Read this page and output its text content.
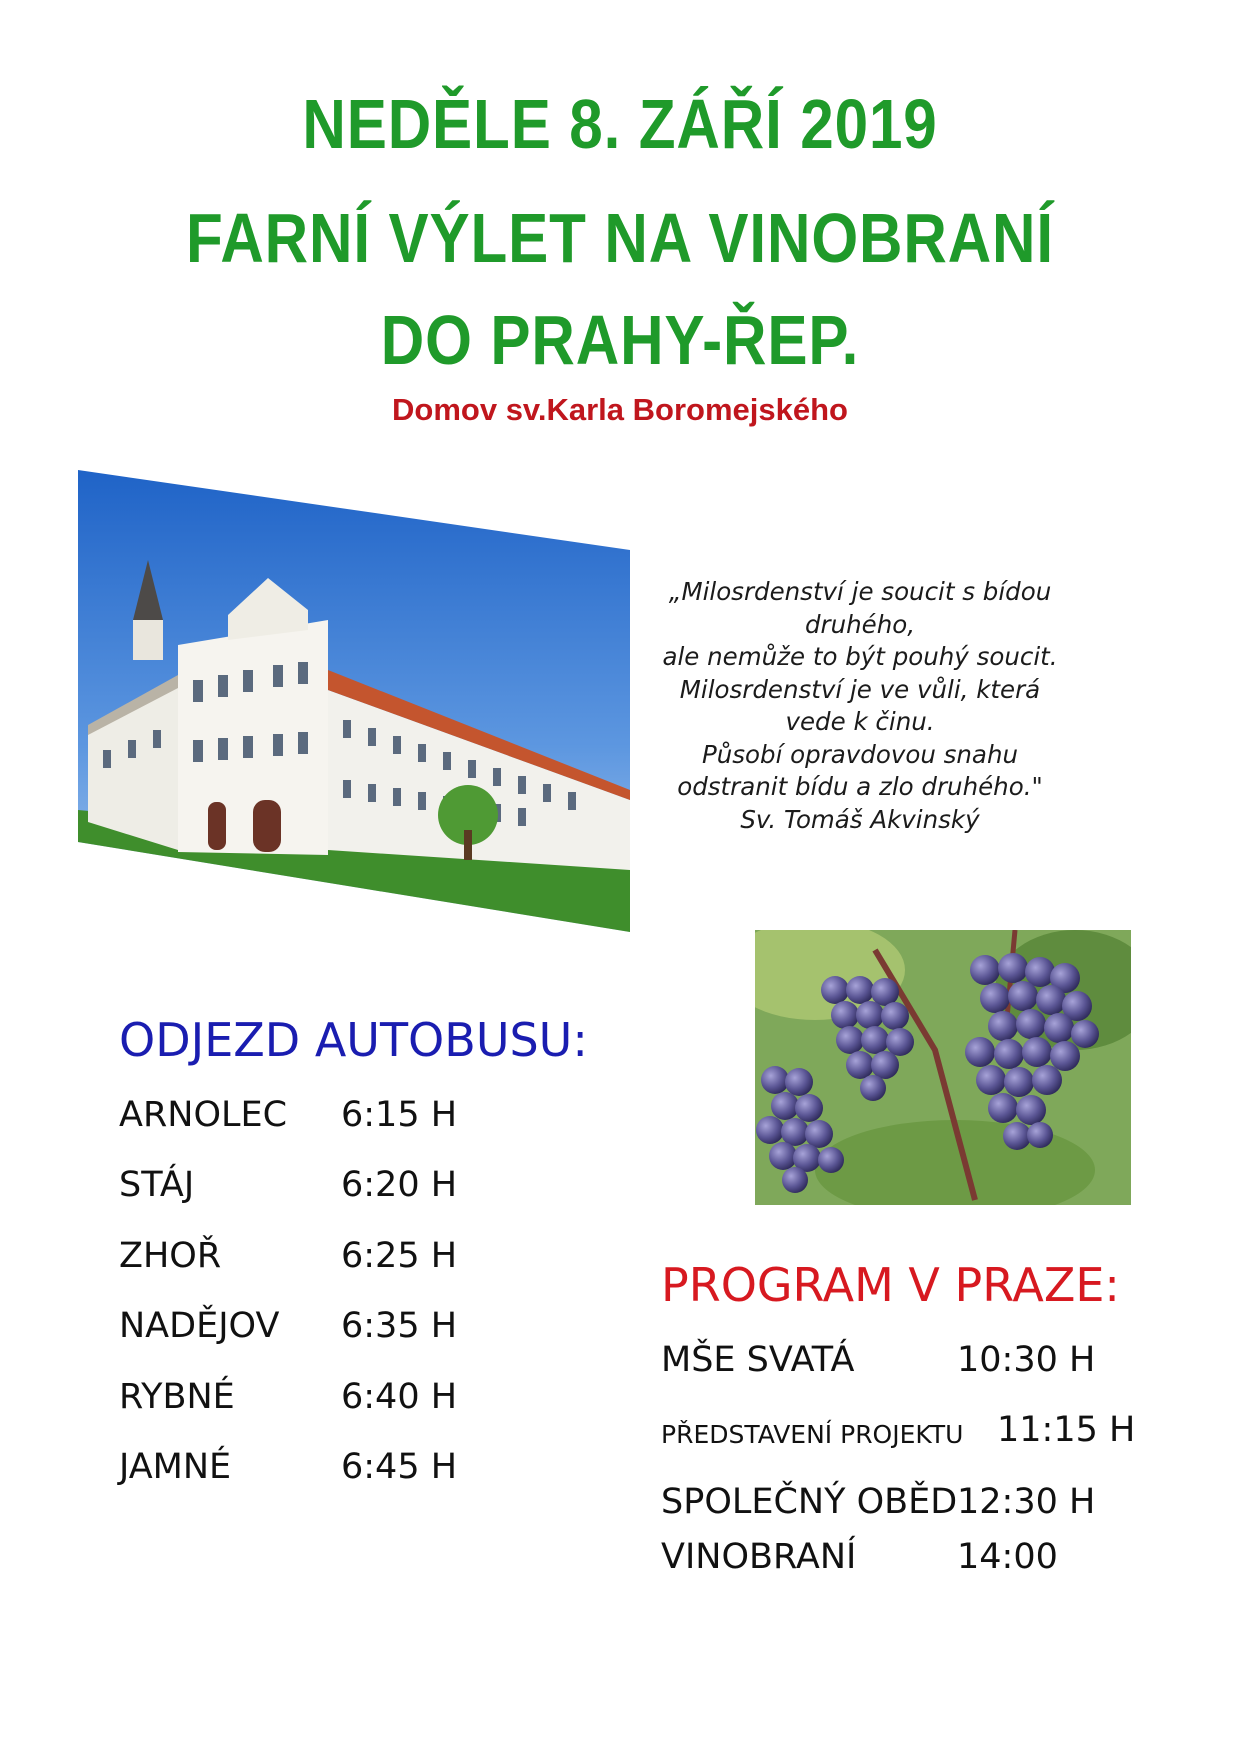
NEDĚLE 8. ZÁŘÍ 2019
FARNÍ VÝLET NA VINOBRANÍ
DO PRAHY-ŘEP.
Domov sv.Karla Boromejského
„Milosrdenství je soucit s bídou
druhého,
ale nemůže to být pouhý soucit.
Milosrdenství je ve vůli, která
vede k činu.
Působí opravdovou snahu
odstranit bídu a zlo druhého."
Sv. Tomáš Akvinský
ODJEZD AUTOBUSU:
ARNOLEC 6:15 H
STÁJ	6:20 H
ZHOŘ	6:25 H
NADĚJOV 6:35 H
RYBNÉ	6:40 H
JAMNÉ	6:45 H
PROGRAM V PRAZE:
MŠE SVATÁ	10:30 H
PŘEDSTAVENÍ PROJEKTU 11:15 H
SPOLEČNÝ OBĚD 12:30 H
VINOBRANÍ	14:00
